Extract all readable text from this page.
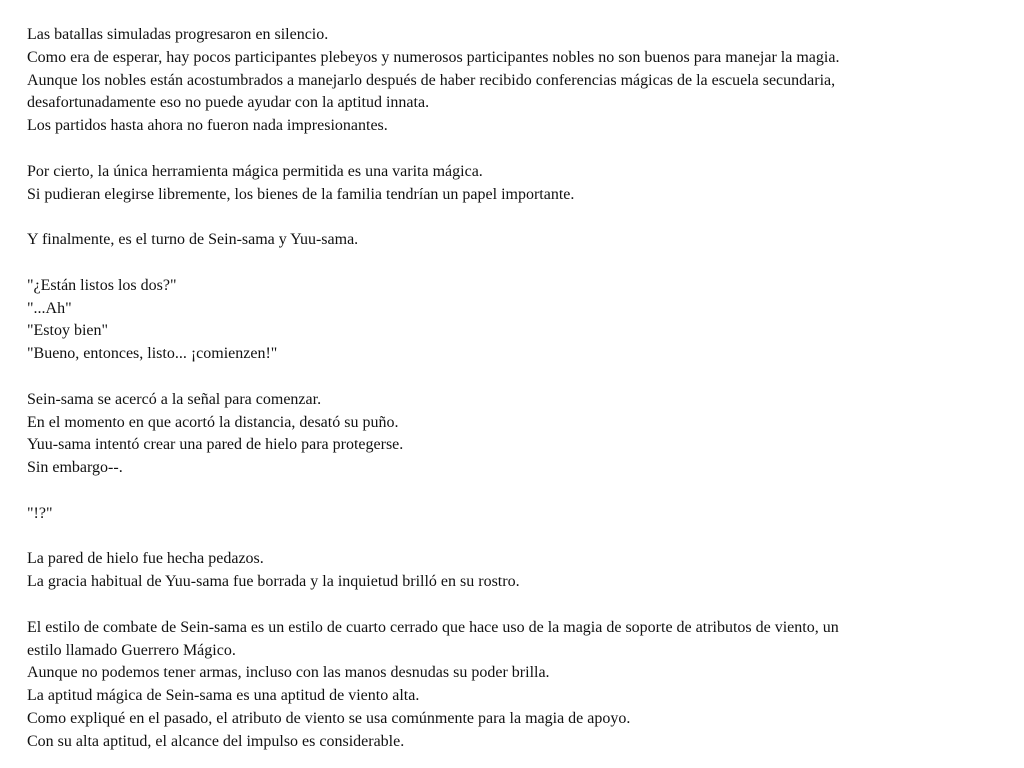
Las batallas simuladas progresaron en silencio.
Como era de esperar, hay pocos participantes plebeyos y numerosos participantes nobles no son buenos para manejar la magia.
Aunque los nobles están acostumbrados a manejarlo después de haber recibido conferencias mágicas de la escuela secundaria,
desafortunadamente eso no puede ayudar con la aptitud innata.
Los partidos hasta ahora no fueron nada impresionantes.
Por cierto, la única herramienta mágica permitida es una varita mágica.
Si pudieran elegirse libremente, los bienes de la familia tendrían un papel importante.
Y finalmente, es el turno de Sein-sama y Yuu-sama.
"¿Están listos los dos?"
"...Ah"
"Estoy bien"
"Bueno, entonces, listo... ¡comienzen!"
Sein-sama se acercó a la señal para comenzar.
En el momento en que acortó la distancia, desató su puño.
Yuu-sama intentó crear una pared de hielo para protegerse.
Sin embargo--.
"!?"
La pared de hielo fue hecha pedazos.
La gracia habitual de Yuu-sama fue borrada y la inquietud brilló en su rostro.
El estilo de combate de Sein-sama es un estilo de cuarto cerrado que hace uso de la magia de soporte de atributos de viento, un
estilo llamado Guerrero Mágico.
Aunque no podemos tener armas, incluso con las manos desnudas su poder brilla.
La aptitud mágica de Sein-sama es una aptitud de viento alta.
Como expliqué en el pasado, el atributo de viento se usa comúnmente para la magia de apoyo.
Con su alta aptitud, el alcance del impulso es considerable.
